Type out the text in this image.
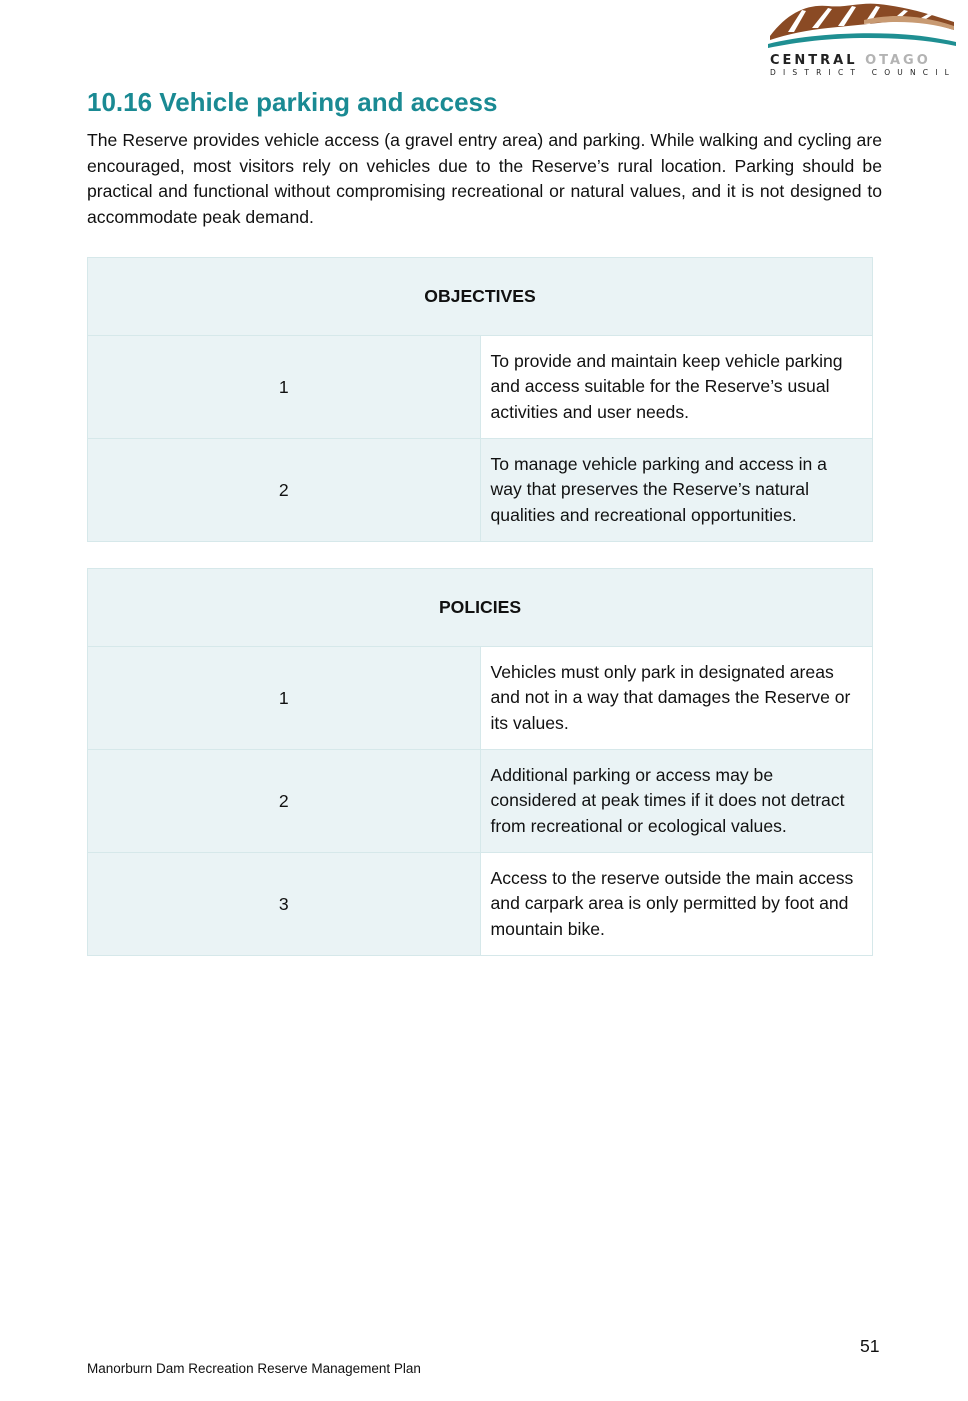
CENTRAL OTAGO
DISTRICT COUNCIL
10.16 Vehicle parking and access

The Reserve provides vehicle access (a gravel entry area) and parking. While walking and cycling are encouraged, most visitors rely on vehicles due to the Reserve’s rural location. Parking should be practical and functional without compromising recreational or natural values, and it is not designed to accommodate peak demand.

OBJECTIVES	
1	To provide and maintain keep vehicle parking and access suitable for the Reserve’s usual activities and user needs.
2	To manage vehicle parking and access in a way that preserves the Reserve’s natural qualities and recreational opportunities.
POLICIES	
1	Vehicles must only park in designated areas and not in a way that damages the Reserve or its values.
2	Additional parking or access may be considered at peak times if it does not detract from recreational or ecological values.
3	Access to the reserve outside the main access and carpark area is only permitted by foot and mountain bike.
51
Manorburn Dam Recreation Reserve Management Plan
